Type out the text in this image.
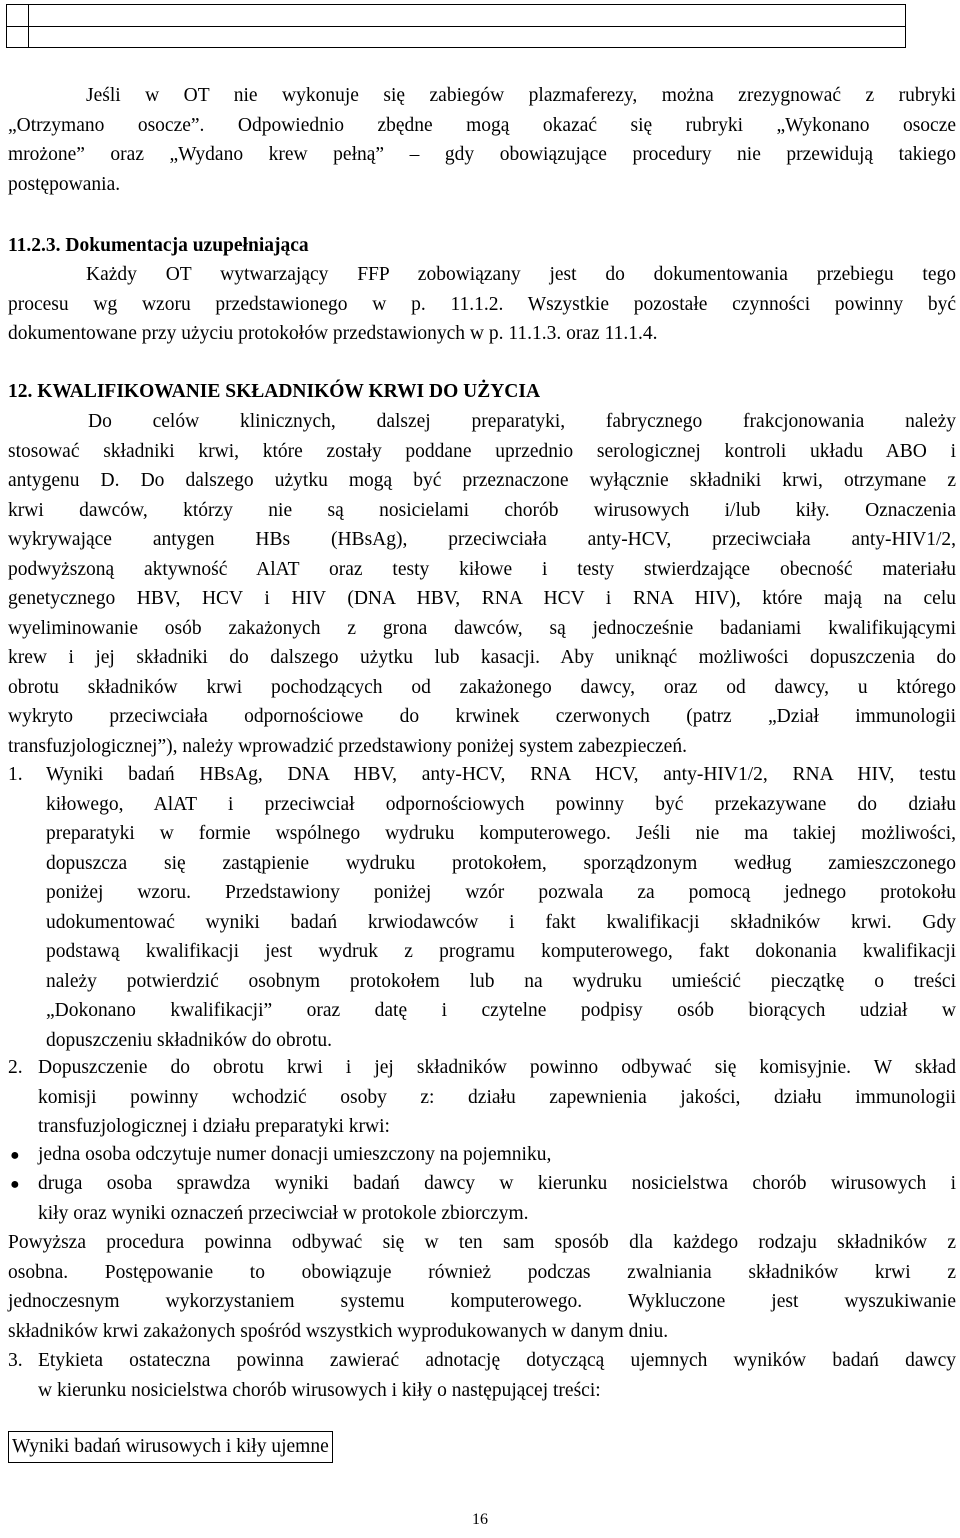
Jeśli w OT nie wykonuje się zabiegów plazmaferezy, można zrezygnować z rubryki
„Otrzymano osocze”. Odpowiednio zbędne mogą okazać się rubryki „Wykonano osocze
mrożone” oraz „Wydano krew pełną” – gdy obowiązujące procedury nie przewidują takiego
postępowania.
11.2.3. Dokumentacja uzupełniająca
Każdy OT wytwarzający FFP zobowiązany jest do dokumentowania przebiegu tego
procesu wg wzoru przedstawionego w p. 11.1.2. Wszystkie pozostałe czynności powinny być
dokumentowane przy użyciu protokołów przedstawionych w p. 11.1.3. oraz 11.1.4.
12. KWALIFIKOWANIE SKŁADNIKÓW KRWI DO UŻYCIA
Do celów klinicznych, dalszej preparatyki, fabrycznego frakcjonowania należy
stosować składniki krwi, które zostały poddane uprzednio serologicznej kontroli układu ABO i
antygenu D. Do dalszego użytku mogą być przeznaczone wyłącznie składniki krwi, otrzymane z
krwi dawców, którzy nie są nosicielami chorób wirusowych i/lub kiły. Oznaczenia
wykrywające antygen HBs (HBsAg), przeciwciała anty-HCV, przeciwciała anty-HIV1/2,
podwyższoną aktywność AlAT oraz testy kiłowe i testy stwierdzające obecność materiału
genetycznego HBV, HCV i HIV (DNA HBV, RNA HCV i RNA HIV), które mają na celu
wyeliminowanie osób zakażonych z grona dawców, są jednocześnie badaniami kwalifikującymi
krew i jej składniki do dalszego użytku lub kasacji. Aby uniknąć możliwości dopuszczenia do
obrotu składników krwi pochodzących od zakażonego dawcy, oraz od dawcy, u którego
wykryto przeciwciała odpornościowe do krwinek czerwonych (patrz „Dział immunologii
transfuzjologicznej”), należy wprowadzić przedstawiony poniżej system zabezpieczeń.
1. Wyniki badań HBsAg, DNA HBV, anty-HCV, RNA HCV, anty-HIV1/2, RNA HIV, testu
kiłowego, AlAT i przeciwciał odpornościowych powinny być przekazywane do działu
preparatyki w formie wspólnego wydruku komputerowego. Jeśli nie ma takiej możliwości,
dopuszcza się zastąpienie wydruku protokołem, sporządzonym według zamieszczonego
poniżej wzoru. Przedstawiony poniżej wzór pozwala za pomocą jednego protokołu
udokumentować wyniki badań krwiodawców i fakt kwalifikacji składników krwi. Gdy
podstawą kwalifikacji jest wydruk z programu komputerowego, fakt dokonania kwalifikacji
należy potwierdzić osobnym protokołem lub na wydruku umieścić pieczątkę o treści
„Dokonano kwalifikacji” oraz datę i czytelne podpisy osób biorących udział w
dopuszczeniu składników do obrotu.
2. Dopuszczenie do obrotu krwi i jej składników powinno odbywać się komisyjnie. W skład
komisji powinny wchodzić osoby z: działu zapewnienia jakości, działu immunologii
transfuzjologicznej i działu preparatyki krwi:
● jedna osoba odczytuje numer donacji umieszczony na pojemniku,
● druga osoba sprawdza wyniki badań dawcy w kierunku nosicielstwa chorób wirusowych i
kiły oraz wyniki oznaczeń przeciwciał w protokole zbiorczym.
Powyższa procedura powinna odbywać się w ten sam sposób dla każdego rodzaju składników z
osobna. Postępowanie to obowiązuje również podczas zwalniania składników krwi z
jednoczesnym wykorzystaniem systemu komputerowego. Wykluczone jest wyszukiwanie
składników krwi zakażonych spośród wszystkich wyprodukowanych w danym dniu.
3. Etykieta ostateczna powinna zawierać adnotację dotyczącą ujemnych wyników badań dawcy
w kierunku nosicielstwa chorób wirusowych i kiły o następującej treści:
Wyniki badań wirusowych i kiły ujemne
16
